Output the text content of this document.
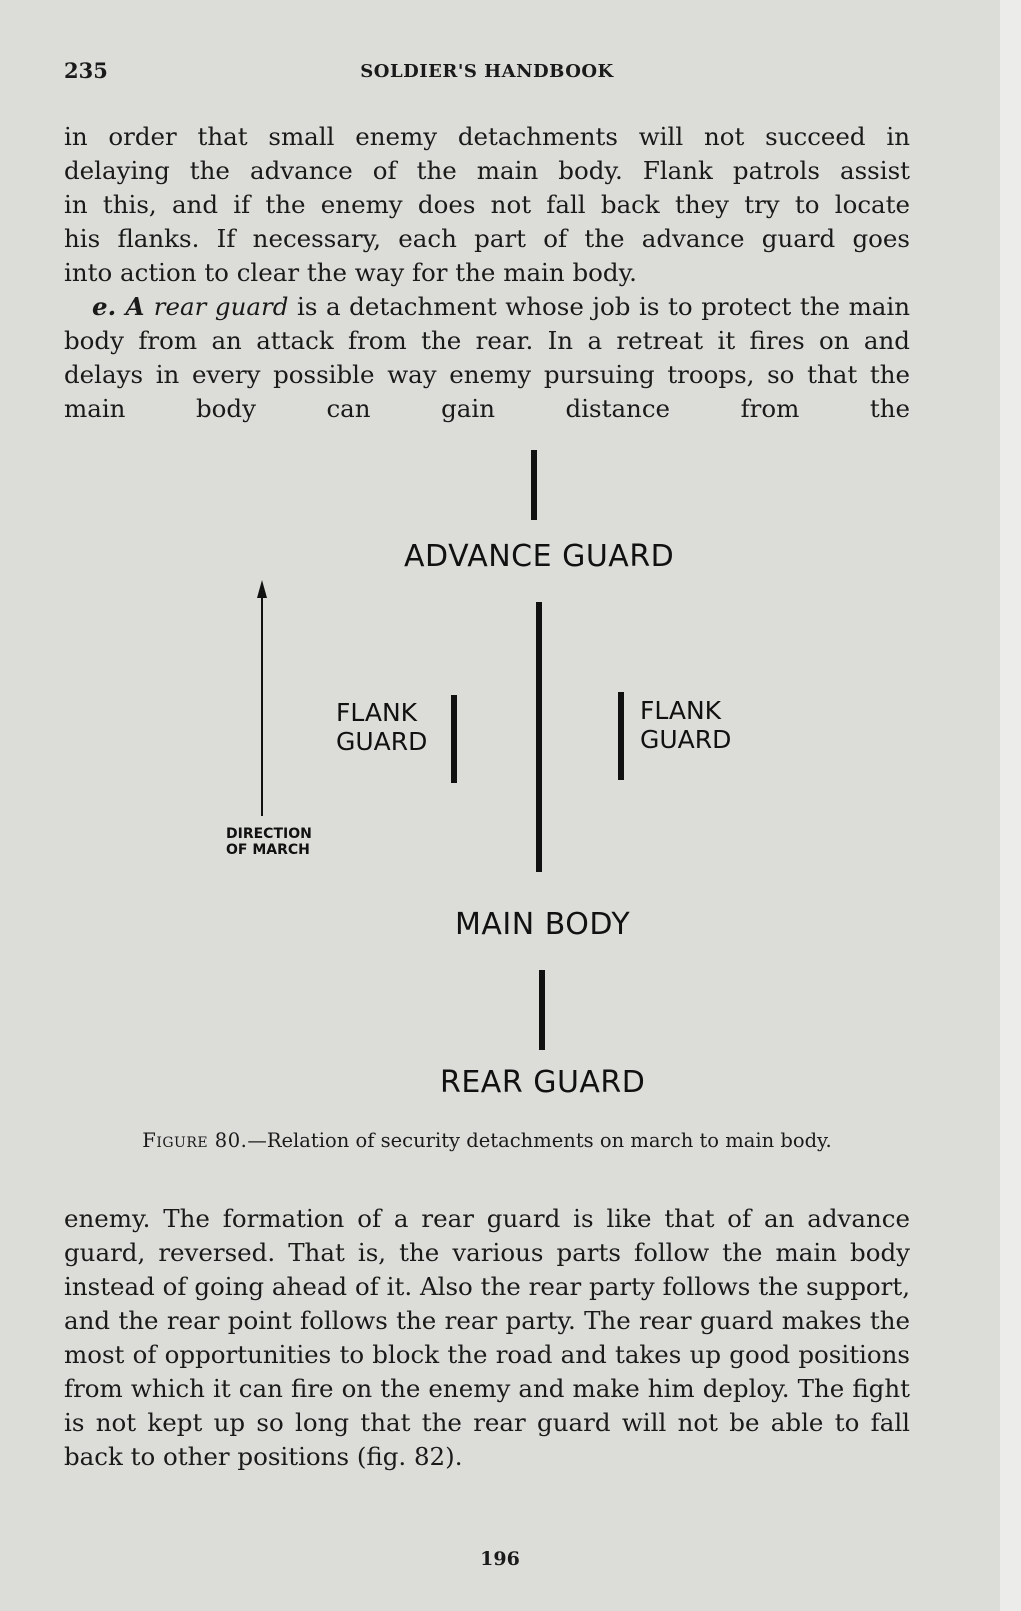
235	SOLDIER'S HANDBOOK
in order that small enemy detachments will not succeed in
delaying the advance of the main body. Flank patrols assist
in this, and if the enemy does not fall back they try to locate
his flanks. If necessary, each part of the advance guard goes
into action to clear the way for the main body.
e. A rear guard is a detachment whose job is to protect the main body from an attack from the rear. In a retreat it fires on and delays in every possible way enemy pursuing troops, so that the main body can gain distance from the
ADVANCE GUARD
DIRECTION
OF MARCH
FLANK
GUARD
FLANK
GUARD
MAIN BODY
REAR GUARD
Figure 80.—Relation of security detachments on march to main body.
enemy. The formation of a rear guard is like that of an advance guard, reversed. That is, the various parts follow the main body instead of going ahead of it. Also the rear party follows the support, and the rear point follows the rear party. The rear guard makes the most of opportunities to block the road and takes up good positions from which it can fire on the enemy and make him deploy. The fight is not kept up so long that the rear guard will not be able to fall back to other positions (fig. 82).
196
